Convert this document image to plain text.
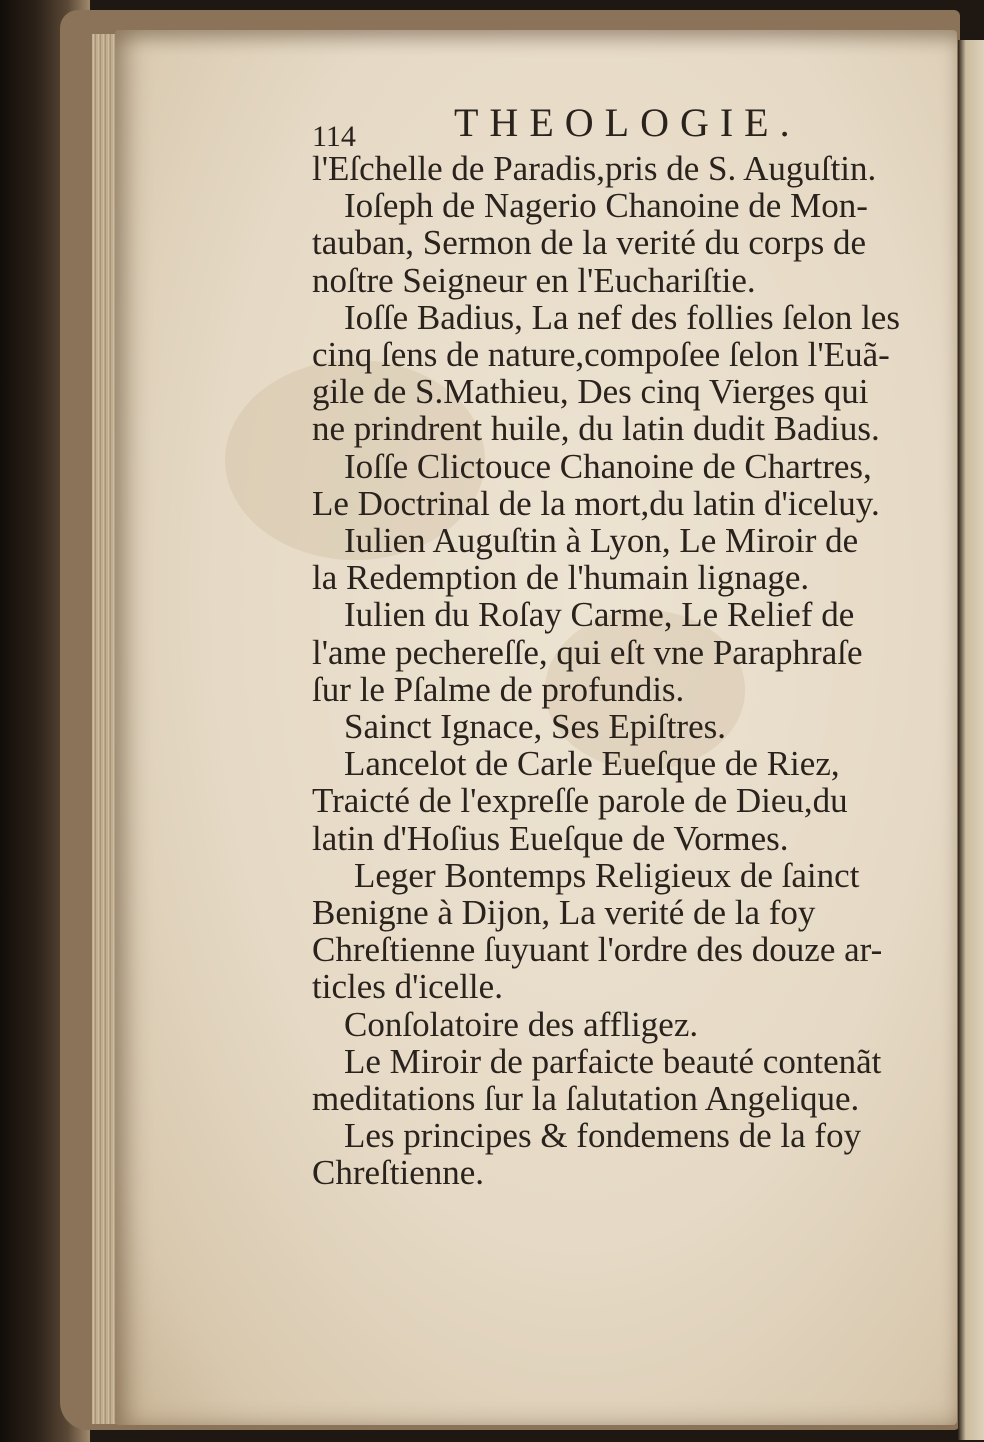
114 THEOLOGIE.
l'Eſchelle de Paradis,pris de S. Auguſtin.
Ioſeph de Nagerio Chanoine de Mon-
tauban, Sermon de la verité du corps de
noſtre Seigneur en l'Euchariſtie.
Ioſſe Badius, La nef des follies ſelon les
cinq ſens de nature,compoſee ſelon l'Euã-
gile de S.Mathieu, Des cinq Vierges qui
ne prindrent huile, du latin dudit Badius.
Ioſſe Clictouce Chanoine de Chartres,
Le Doctrinal de la mort,du latin d'iceluy.
Iulien Auguſtin à Lyon, Le Miroir de
la Redemption de l'humain lignage.
Iulien du Roſay Carme, Le Relief de
l'ame pechereſſe, qui eſt vne Paraphraſe
ſur le Pſalme de profundis.
Sainct Ignace, Ses Epiſtres.
Lancelot de Carle Eueſque de Riez,
Traicté de l'expreſſe parole de Dieu,du
latin d'Hoſius Eueſque de Vormes.
Leger Bontemps Religieux de ſainct
Benigne à Dijon, La verité de la foy
Chreſtienne ſuyuant l'ordre des douze ar-
ticles d'icelle.
Conſolatoire des affligez.
Le Miroir de parfaicte beauté contenãt
meditations ſur la ſalutation Angelique.
Les principes & fondemens de la foy
Chreſtienne.
